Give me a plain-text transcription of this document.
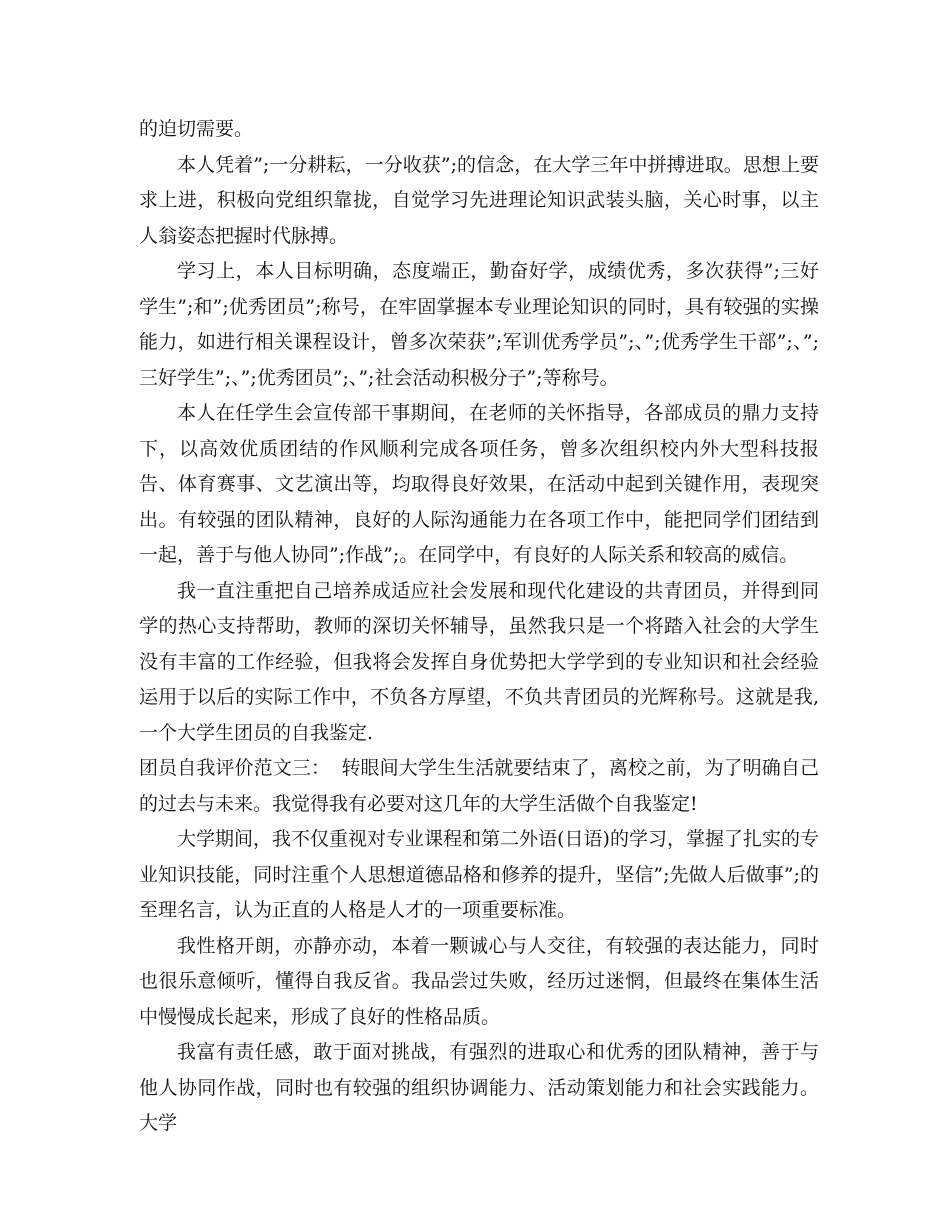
的迫切需要。

本人凭着”;一分耕耘，一分收获”;的信念，在大学三年中拼搏进取。思想上要求上进，积极向党组织靠拢，自觉学习先进理论知识武装头脑，关心时事，以主人翁姿态把握时代脉搏。

学习上，本人目标明确，态度端正，勤奋好学，成绩优秀，多次获得”;三好学生”;和”;优秀团员”;称号，在牢固掌握本专业理论知识的同时，具有较强的实操能力，如进行相关课程设计，曾多次荣获”;军训优秀学员”;、”;优秀学生干部”;、”;三好学生”;、”;优秀团员”;、”;社会活动积极分子”;等称号。

本人在任学生会宣传部干事期间，在老师的关怀指导，各部成员的鼎力支持下，以高效优质团结的作风顺利完成各项任务，曾多次组织校内外大型科技报告、体育赛事、文艺演出等，均取得良好效果，在活动中起到关键作用，表现突出。有较强的团队精神，良好的人际沟通能力在各项工作中，能把同学们团结到一起，善于与他人协同”;作战”;。在同学中，有良好的人际关系和较高的威信。

我一直注重把自己培养成适应社会发展和现代化建设的共青团员，并得到同学的热心支持帮助，教师的深切关怀辅导，虽然我只是一个将踏入社会的大学生没有丰富的工作经验，但我将会发挥自身优势把大学学到的专业知识和社会经验运用于以后的实际工作中，不负各方厚望，不负共青团员的光辉称号。这就是我,一个大学生团员的自我鉴定.

团员自我评价范文三： 转眼间大学生生活就要结束了，离校之前，为了明确自己的过去与未来。我觉得我有必要对这几年的大学生活做个自我鉴定!

大学期间，我不仅重视对专业课程和第二外语(日语)的学习，掌握了扎实的专业知识技能，同时注重个人思想道德品格和修养的提升，坚信”;先做人后做事”;的至理名言，认为正直的人格是人才的一项重要标准。

我性格开朗，亦静亦动，本着一颗诚心与人交往，有较强的表达能力，同时也很乐意倾听，懂得自我反省。我品尝过失败，经历过迷惘，但最终在集体生活中慢慢成长起来，形成了良好的性格品质。

我富有责任感，敢于面对挑战，有强烈的进取心和优秀的团队精神，善于与他人协同作战，同时也有较强的组织协调能力、活动策划能力和社会实践能力。大学
